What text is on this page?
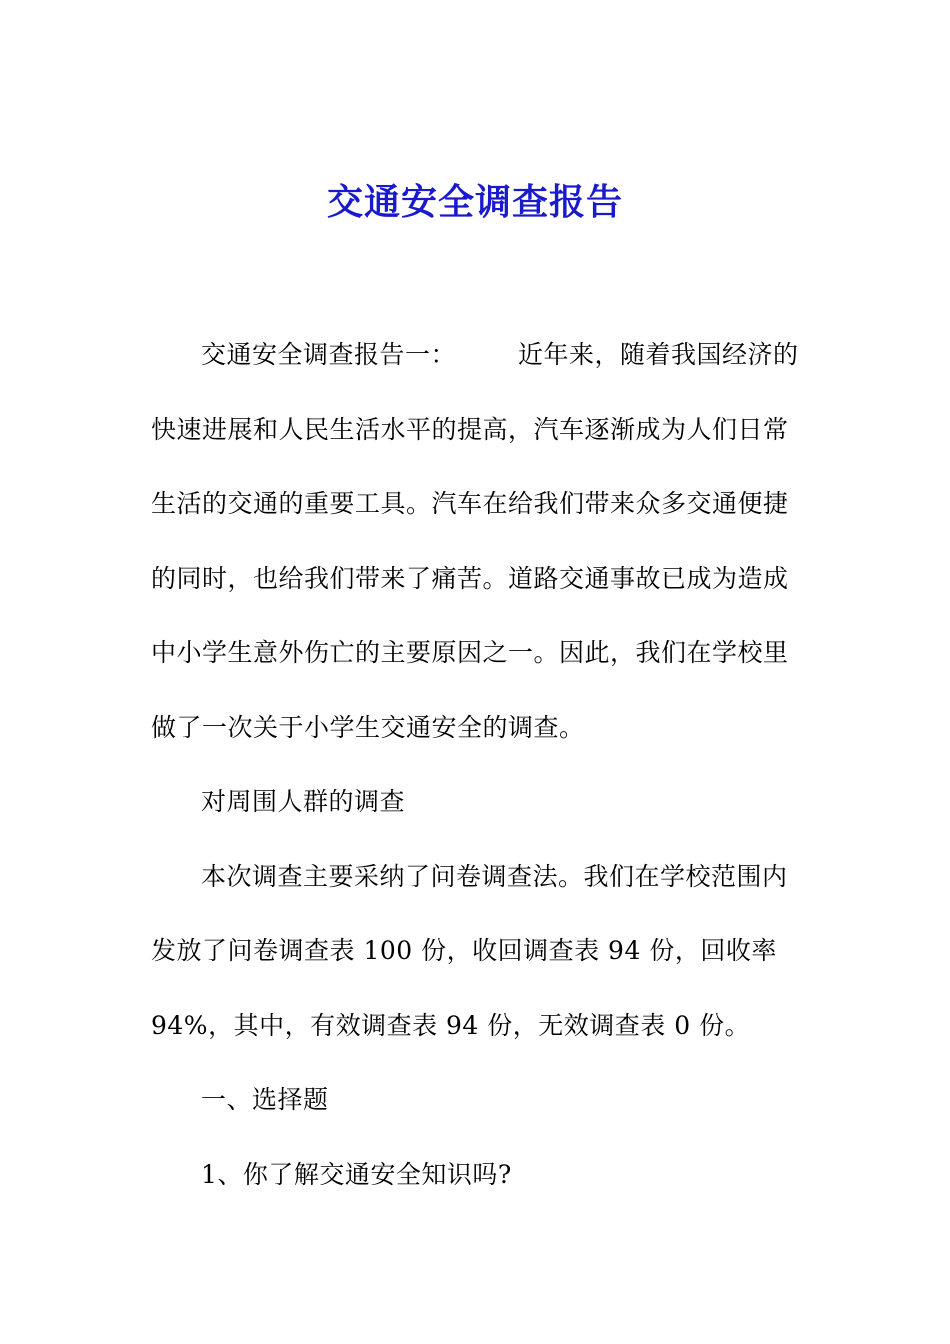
交通安全调查报告
交通安全调查报告一： 近年来，随着我国经济的
快速进展和人民生活水平的提高，汽车逐渐成为人们日常
生活的交通的重要工具。汽车在给我们带来众多交通便捷
的同时，也给我们带来了痛苦。道路交通事故已成为造成
中小学生意外伤亡的主要原因之一。因此，我们在学校里
做了一次关于小学生交通安全的调查。
对周围人群的调查
本次调查主要采纳了问卷调查法。我们在学校范围内
发放了问卷调查表 100 份，收回调查表 94 份，回收率
94%，其中，有效调查表 94 份，无效调查表 0 份。
一、选择题
1、你了解交通安全知识吗?
